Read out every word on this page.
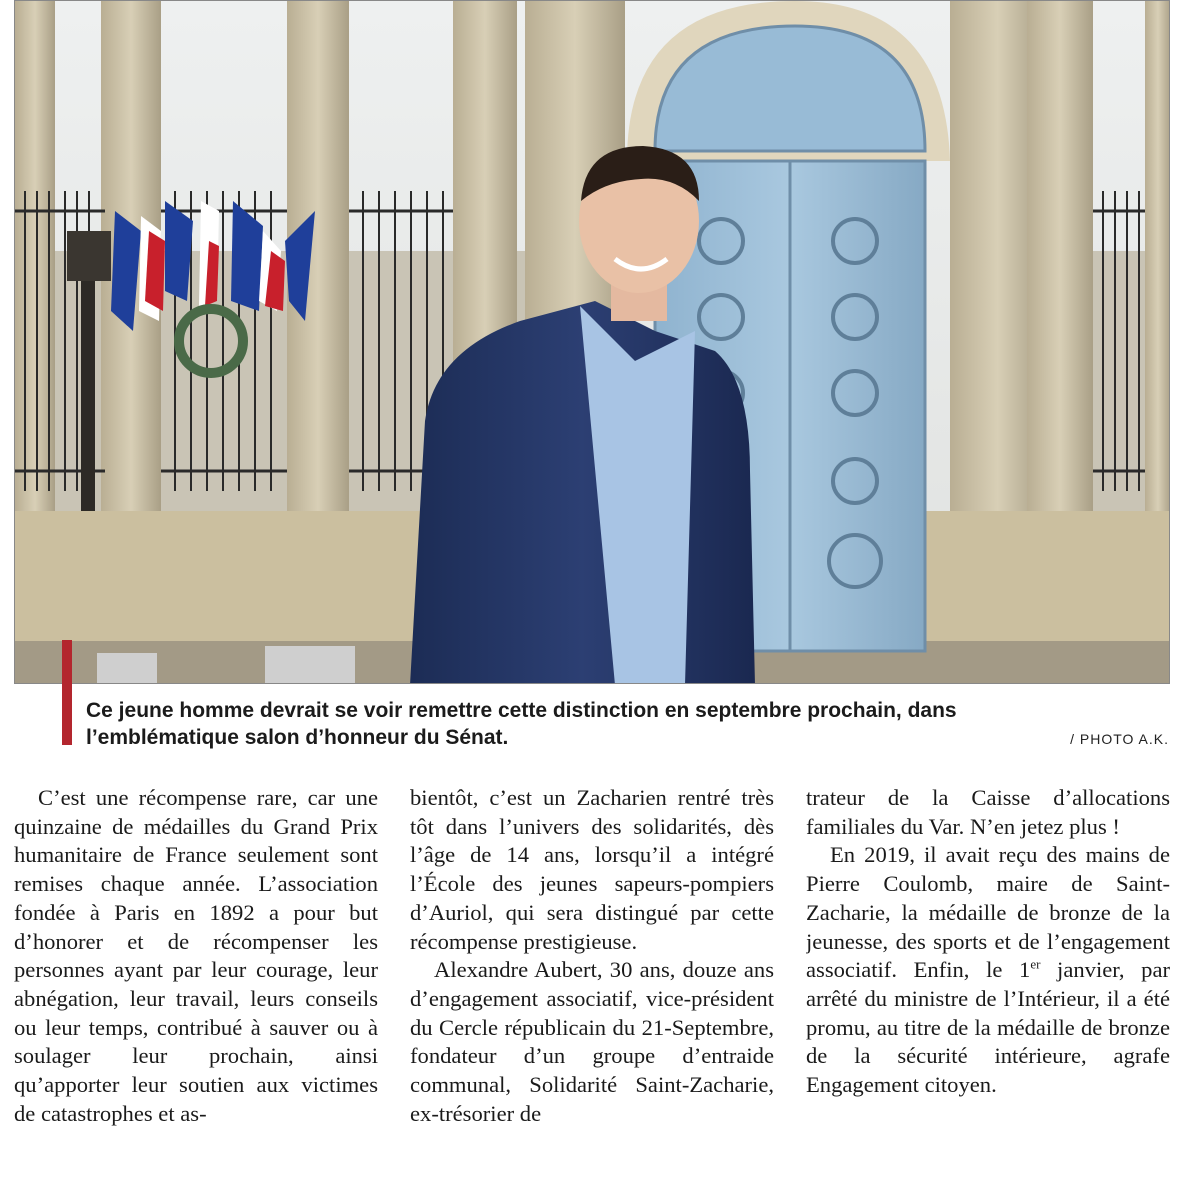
Ce jeune homme devrait se voir remettre cette distinction en septembre prochain, dans l’emblématique salon d’honneur du Sénat.	/ PHOTO A.K.

C’est une récompense rare, car une quinzaine de médailles du Grand Prix humanitaire de France seulement sont remises chaque année. L’association fondée à Paris en 1892 a pour but d’honorer et de récompenser les personnes ayant par leur courage, leur abnégation, leur travail, leurs conseils ou leur temps, contribué à sauver ou à soulager leur prochain, ainsi qu’apporter leur soutien aux victimes de catastrophes et as-

bientôt, c’est un Zacharien rentré très tôt dans l’univers des solidarités, dès l’âge de 14 ans, lorsqu’il a intégré l’École des jeunes sapeurs-pompiers d’Auriol, qui sera distingué par cette récompense prestigieuse.

Alexandre Aubert, 30 ans, douze ans d’engagement associatif, vice-président du Cercle républicain du 21-Septembre, fondateur d’un groupe d’entraide communal, Solidarité Saint-Zacharie, ex-trésorier de

trateur de la Caisse d’allocations familiales du Var. N’en jetez plus !

En 2019, il avait reçu des mains de Pierre Coulomb, maire de Saint-Zacharie, la médaille de bronze de la jeunesse, des sports et de l’engagement associatif. Enfin, le 1er janvier, par arrêté du ministre de l’Intérieur, il a été promu, au titre de la médaille de bronze de la sécurité intérieure, agrafe Engagement citoyen.
